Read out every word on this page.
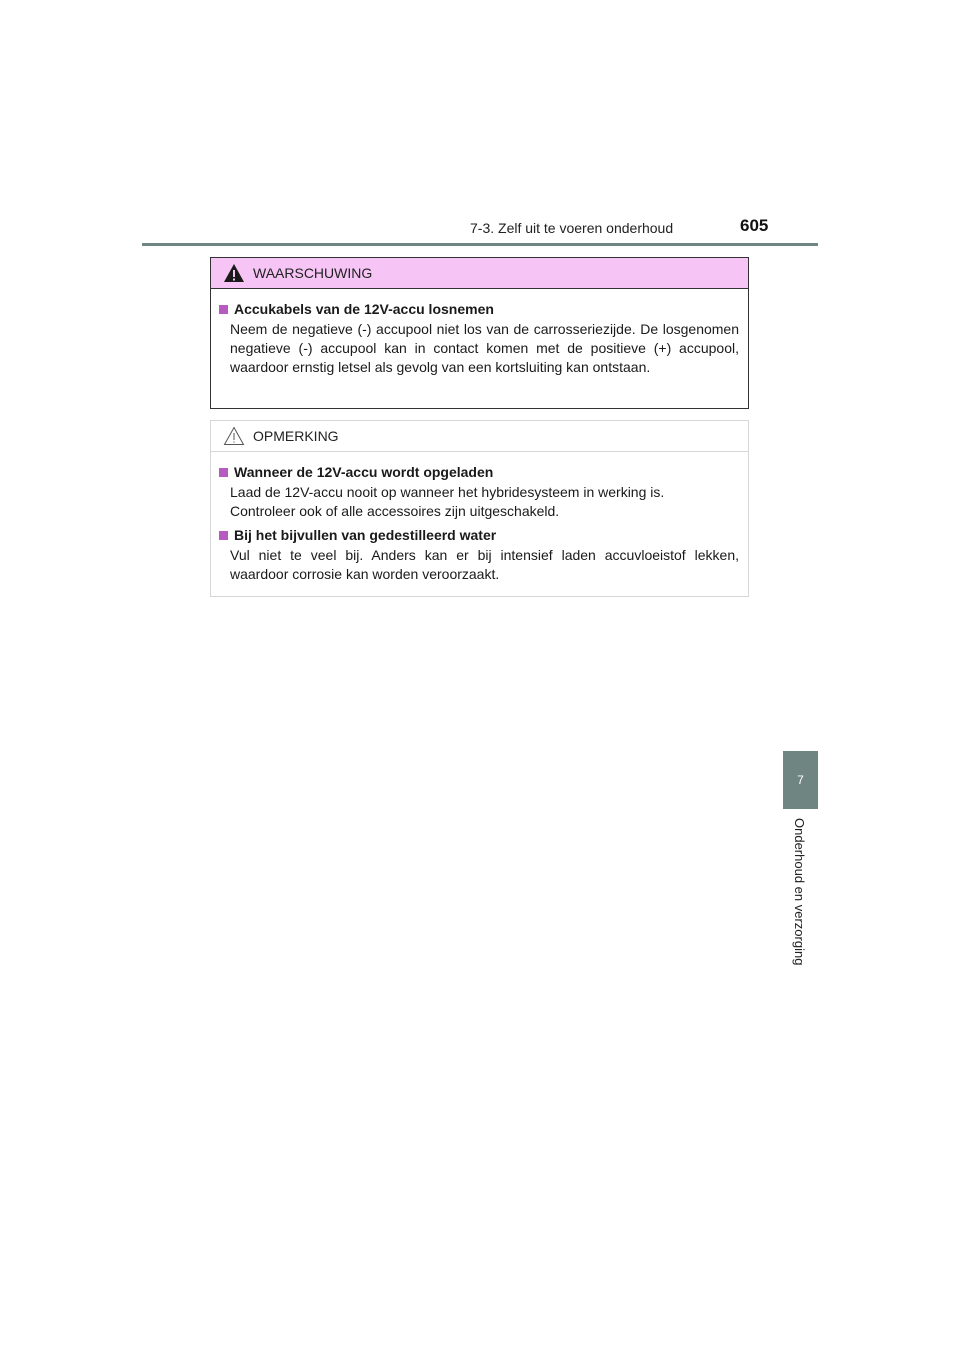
7-3. Zelf uit te voeren onderhoud	605
7
Onderhoud en verzorging
WAARSCHUWING
Accukabels van de 12V-accu losnemen
Neem de negatieve (-) accupool niet los van de carrosseriezijde. De losgenomen negatieve (-) accupool kan in contact komen met de positieve (+) accupool, waardoor ernstig letsel als gevolg van een kortsluiting kan ontstaan.
OPMERKING
Wanneer de 12V-accu wordt opgeladen
Laad de 12V-accu nooit op wanneer het hybridesysteem in werking is.
Controleer ook of alle accessoires zijn uitgeschakeld.
Bij het bijvullen van gedestilleerd water
Vul niet te veel bij. Anders kan er bij intensief laden accuvloeistof lekken, waardoor corrosie kan worden veroorzaakt.
